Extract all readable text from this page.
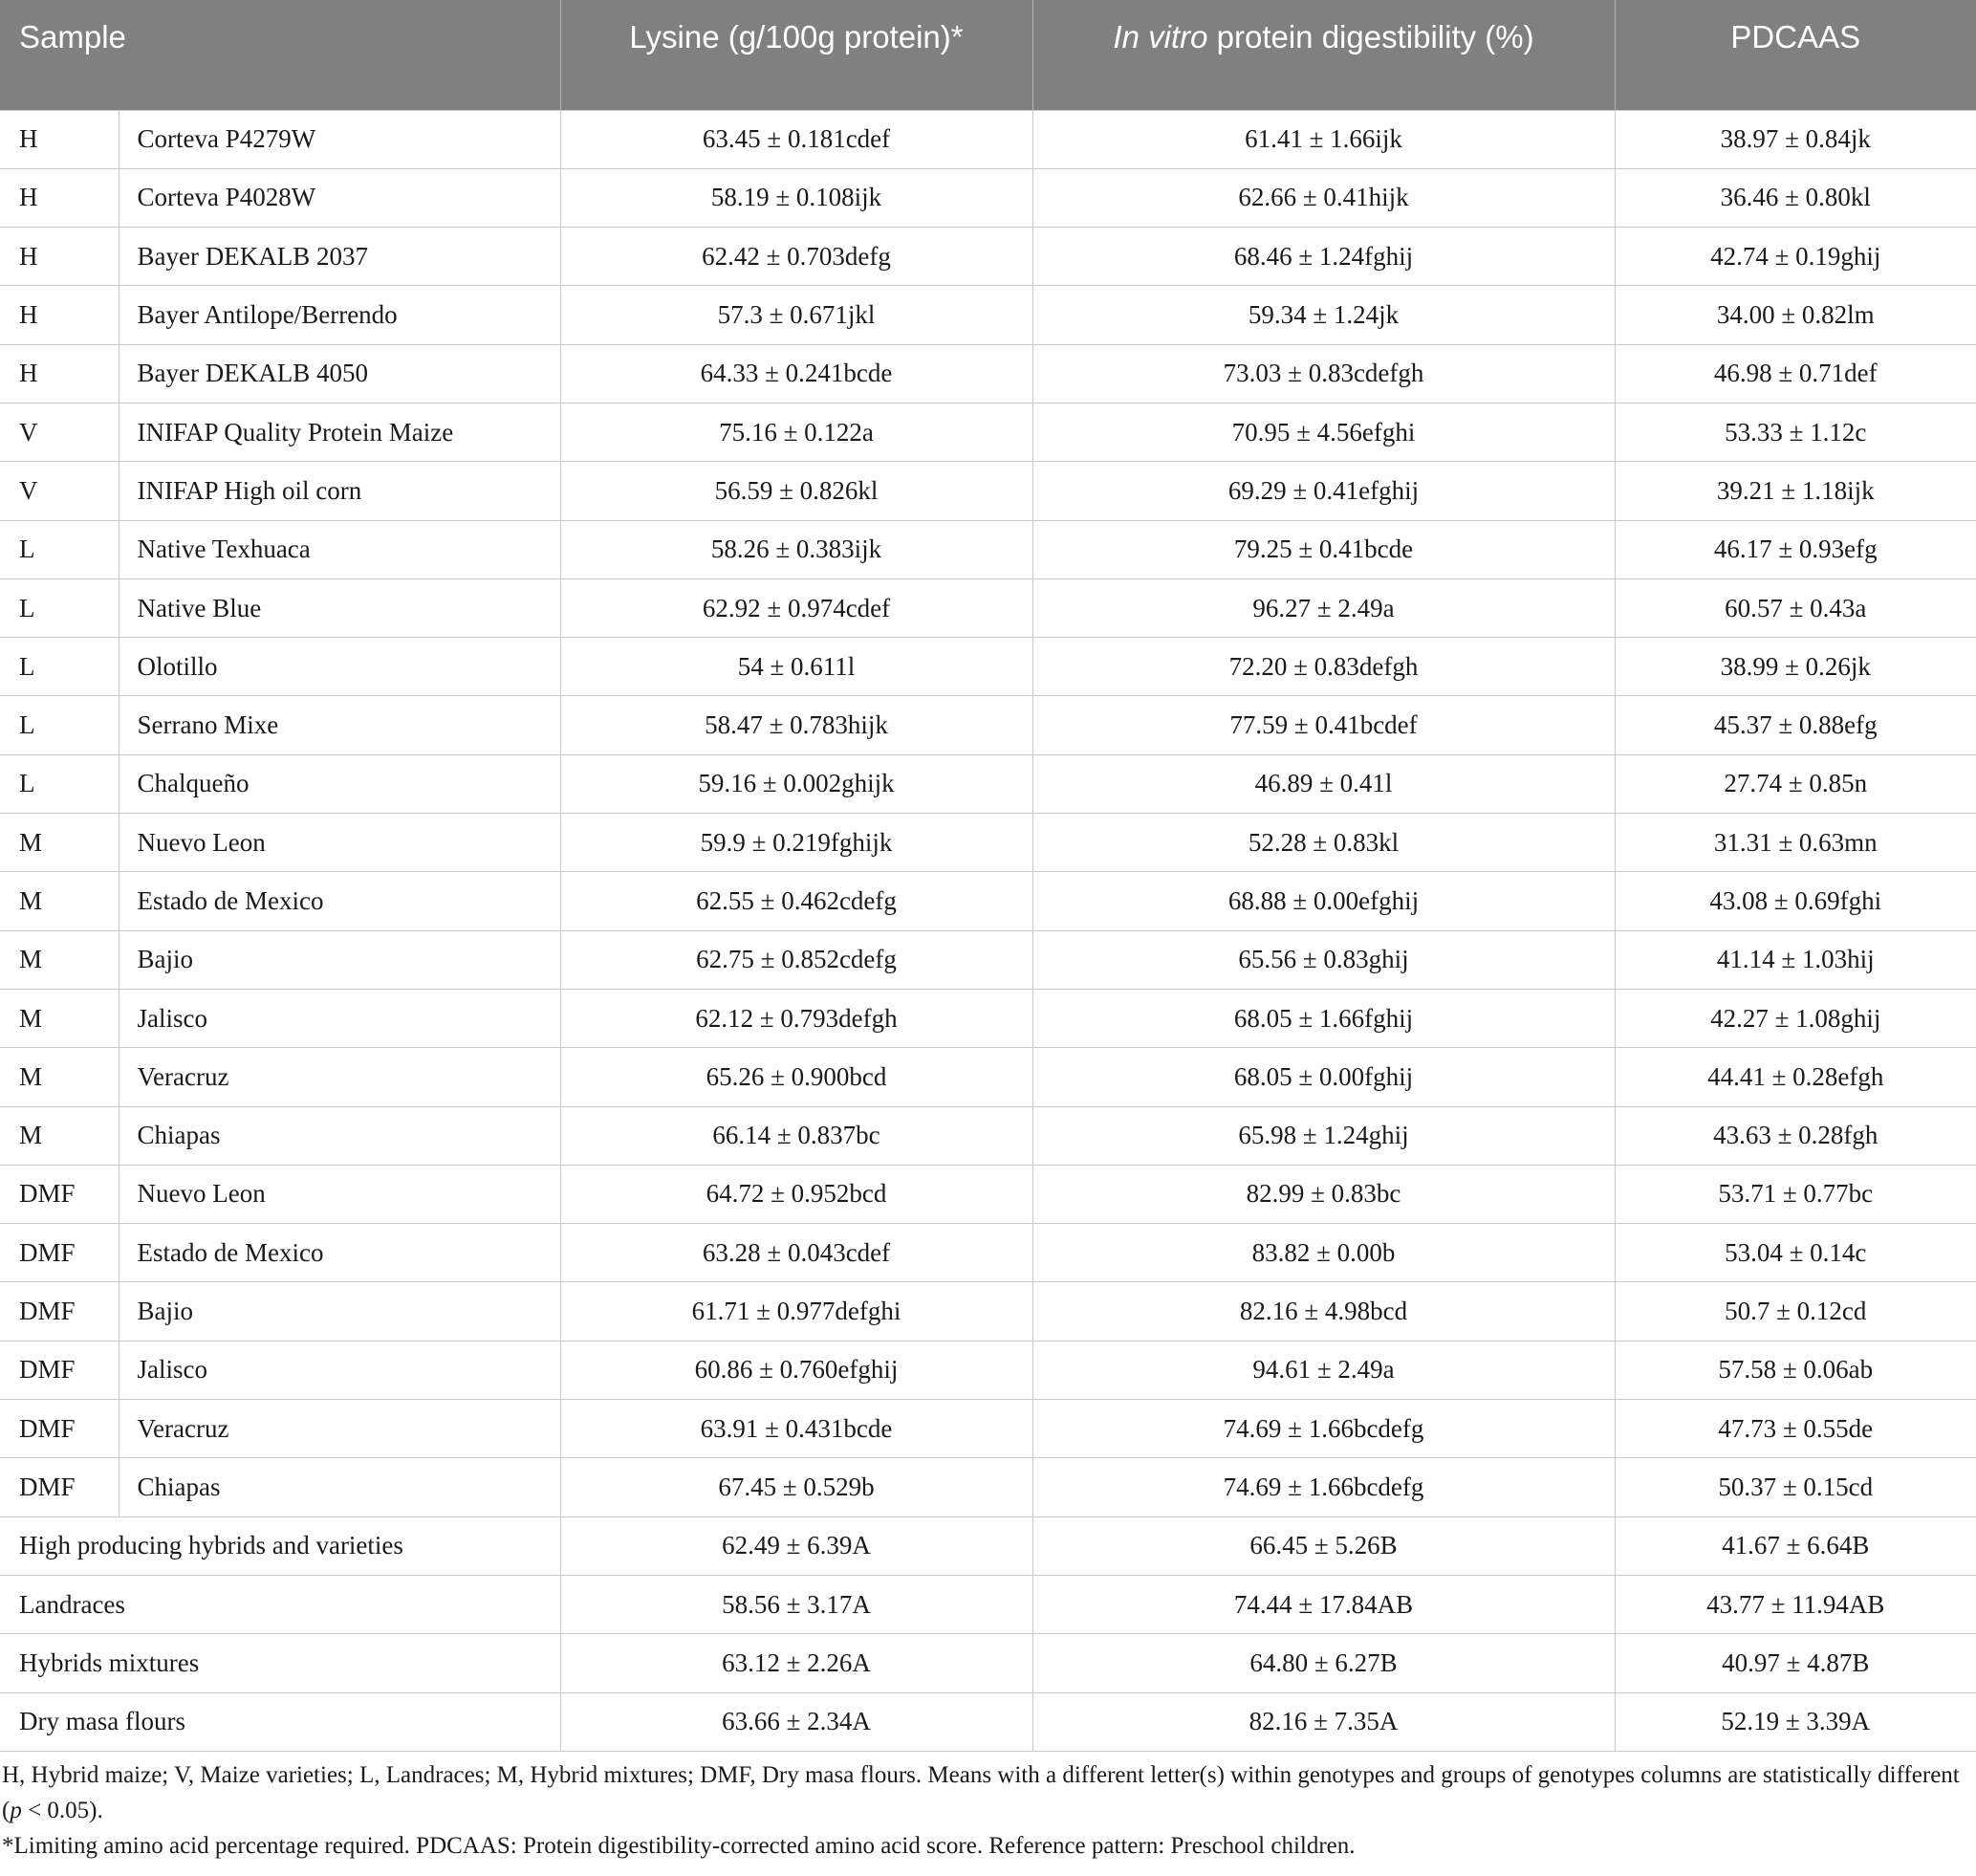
Sample		Lysine (g/100g protein)*	In vitro protein digestibility (%)	PDCAAS
H	Corteva P4279W	63.45 ± 0.181cdef	61.41 ± 1.66ijk	38.97 ± 0.84jk
H	Corteva P4028W	58.19 ± 0.108ijk	62.66 ± 0.41hijk	36.46 ± 0.80kl
H	Bayer DEKALB 2037	62.42 ± 0.703defg	68.46 ± 1.24fghij	42.74 ± 0.19ghij
H	Bayer Antilope/Berrendo	57.3 ± 0.671jkl	59.34 ± 1.24jk	34.00 ± 0.82lm
H	Bayer DEKALB 4050	64.33 ± 0.241bcde	73.03 ± 0.83cdefgh	46.98 ± 0.71def
V	INIFAP Quality Protein Maize	75.16 ± 0.122a	70.95 ± 4.56efghi	53.33 ± 1.12c
V	INIFAP High oil corn	56.59 ± 0.826kl	69.29 ± 0.41efghij	39.21 ± 1.18ijk
L	Native Texhuaca	58.26 ± 0.383ijk	79.25 ± 0.41bcde	46.17 ± 0.93efg
L	Native Blue	62.92 ± 0.974cdef	96.27 ± 2.49a	60.57 ± 0.43a
L	Olotillo	54 ± 0.611l	72.20 ± 0.83defgh	38.99 ± 0.26jk
L	Serrano Mixe	58.47 ± 0.783hijk	77.59 ± 0.41bcdef	45.37 ± 0.88efg
L	Chalqueño	59.16 ± 0.002ghijk	46.89 ± 0.41l	27.74 ± 0.85n
M	Nuevo Leon	59.9 ± 0.219fghijk	52.28 ± 0.83kl	31.31 ± 0.63mn
M	Estado de Mexico	62.55 ± 0.462cdefg	68.88 ± 0.00efghij	43.08 ± 0.69fghi
M	Bajio	62.75 ± 0.852cdefg	65.56 ± 0.83ghij	41.14 ± 1.03hij
M	Jalisco	62.12 ± 0.793defgh	68.05 ± 1.66fghij	42.27 ± 1.08ghij
M	Veracruz	65.26 ± 0.900bcd	68.05 ± 0.00fghij	44.41 ± 0.28efgh
M	Chiapas	66.14 ± 0.837bc	65.98 ± 1.24ghij	43.63 ± 0.28fgh
DMF	Nuevo Leon	64.72 ± 0.952bcd	82.99 ± 0.83bc	53.71 ± 0.77bc
DMF	Estado de Mexico	63.28 ± 0.043cdef	83.82 ± 0.00b	53.04 ± 0.14c
DMF	Bajio	61.71 ± 0.977defghi	82.16 ± 4.98bcd	50.7 ± 0.12cd
DMF	Jalisco	60.86 ± 0.760efghij	94.61 ± 2.49a	57.58 ± 0.06ab
DMF	Veracruz	63.91 ± 0.431bcde	74.69 ± 1.66bcdefg	47.73 ± 0.55de
DMF	Chiapas	67.45 ± 0.529b	74.69 ± 1.66bcdefg	50.37 ± 0.15cd
High producing hybrids and varieties		62.49 ± 6.39A	66.45 ± 5.26B	41.67 ± 6.64B
Landraces		58.56 ± 3.17A	74.44 ± 17.84AB	43.77 ± 11.94AB
Hybrids mixtures		63.12 ± 2.26A	64.80 ± 6.27B	40.97 ± 4.87B
Dry masa flours		63.66 ± 2.34A	82.16 ± 7.35A	52.19 ± 3.39A

H, Hybrid maize; V, Maize varieties; L, Landraces; M, Hybrid mixtures; DMF, Dry masa flours. Means with a different letter(s) within genotypes and groups of genotypes columns are statistically different (p < 0.05).

*Limiting amino acid percentage required. PDCAAS: Protein digestibility-corrected amino acid score. Reference pattern: Preschool children.
